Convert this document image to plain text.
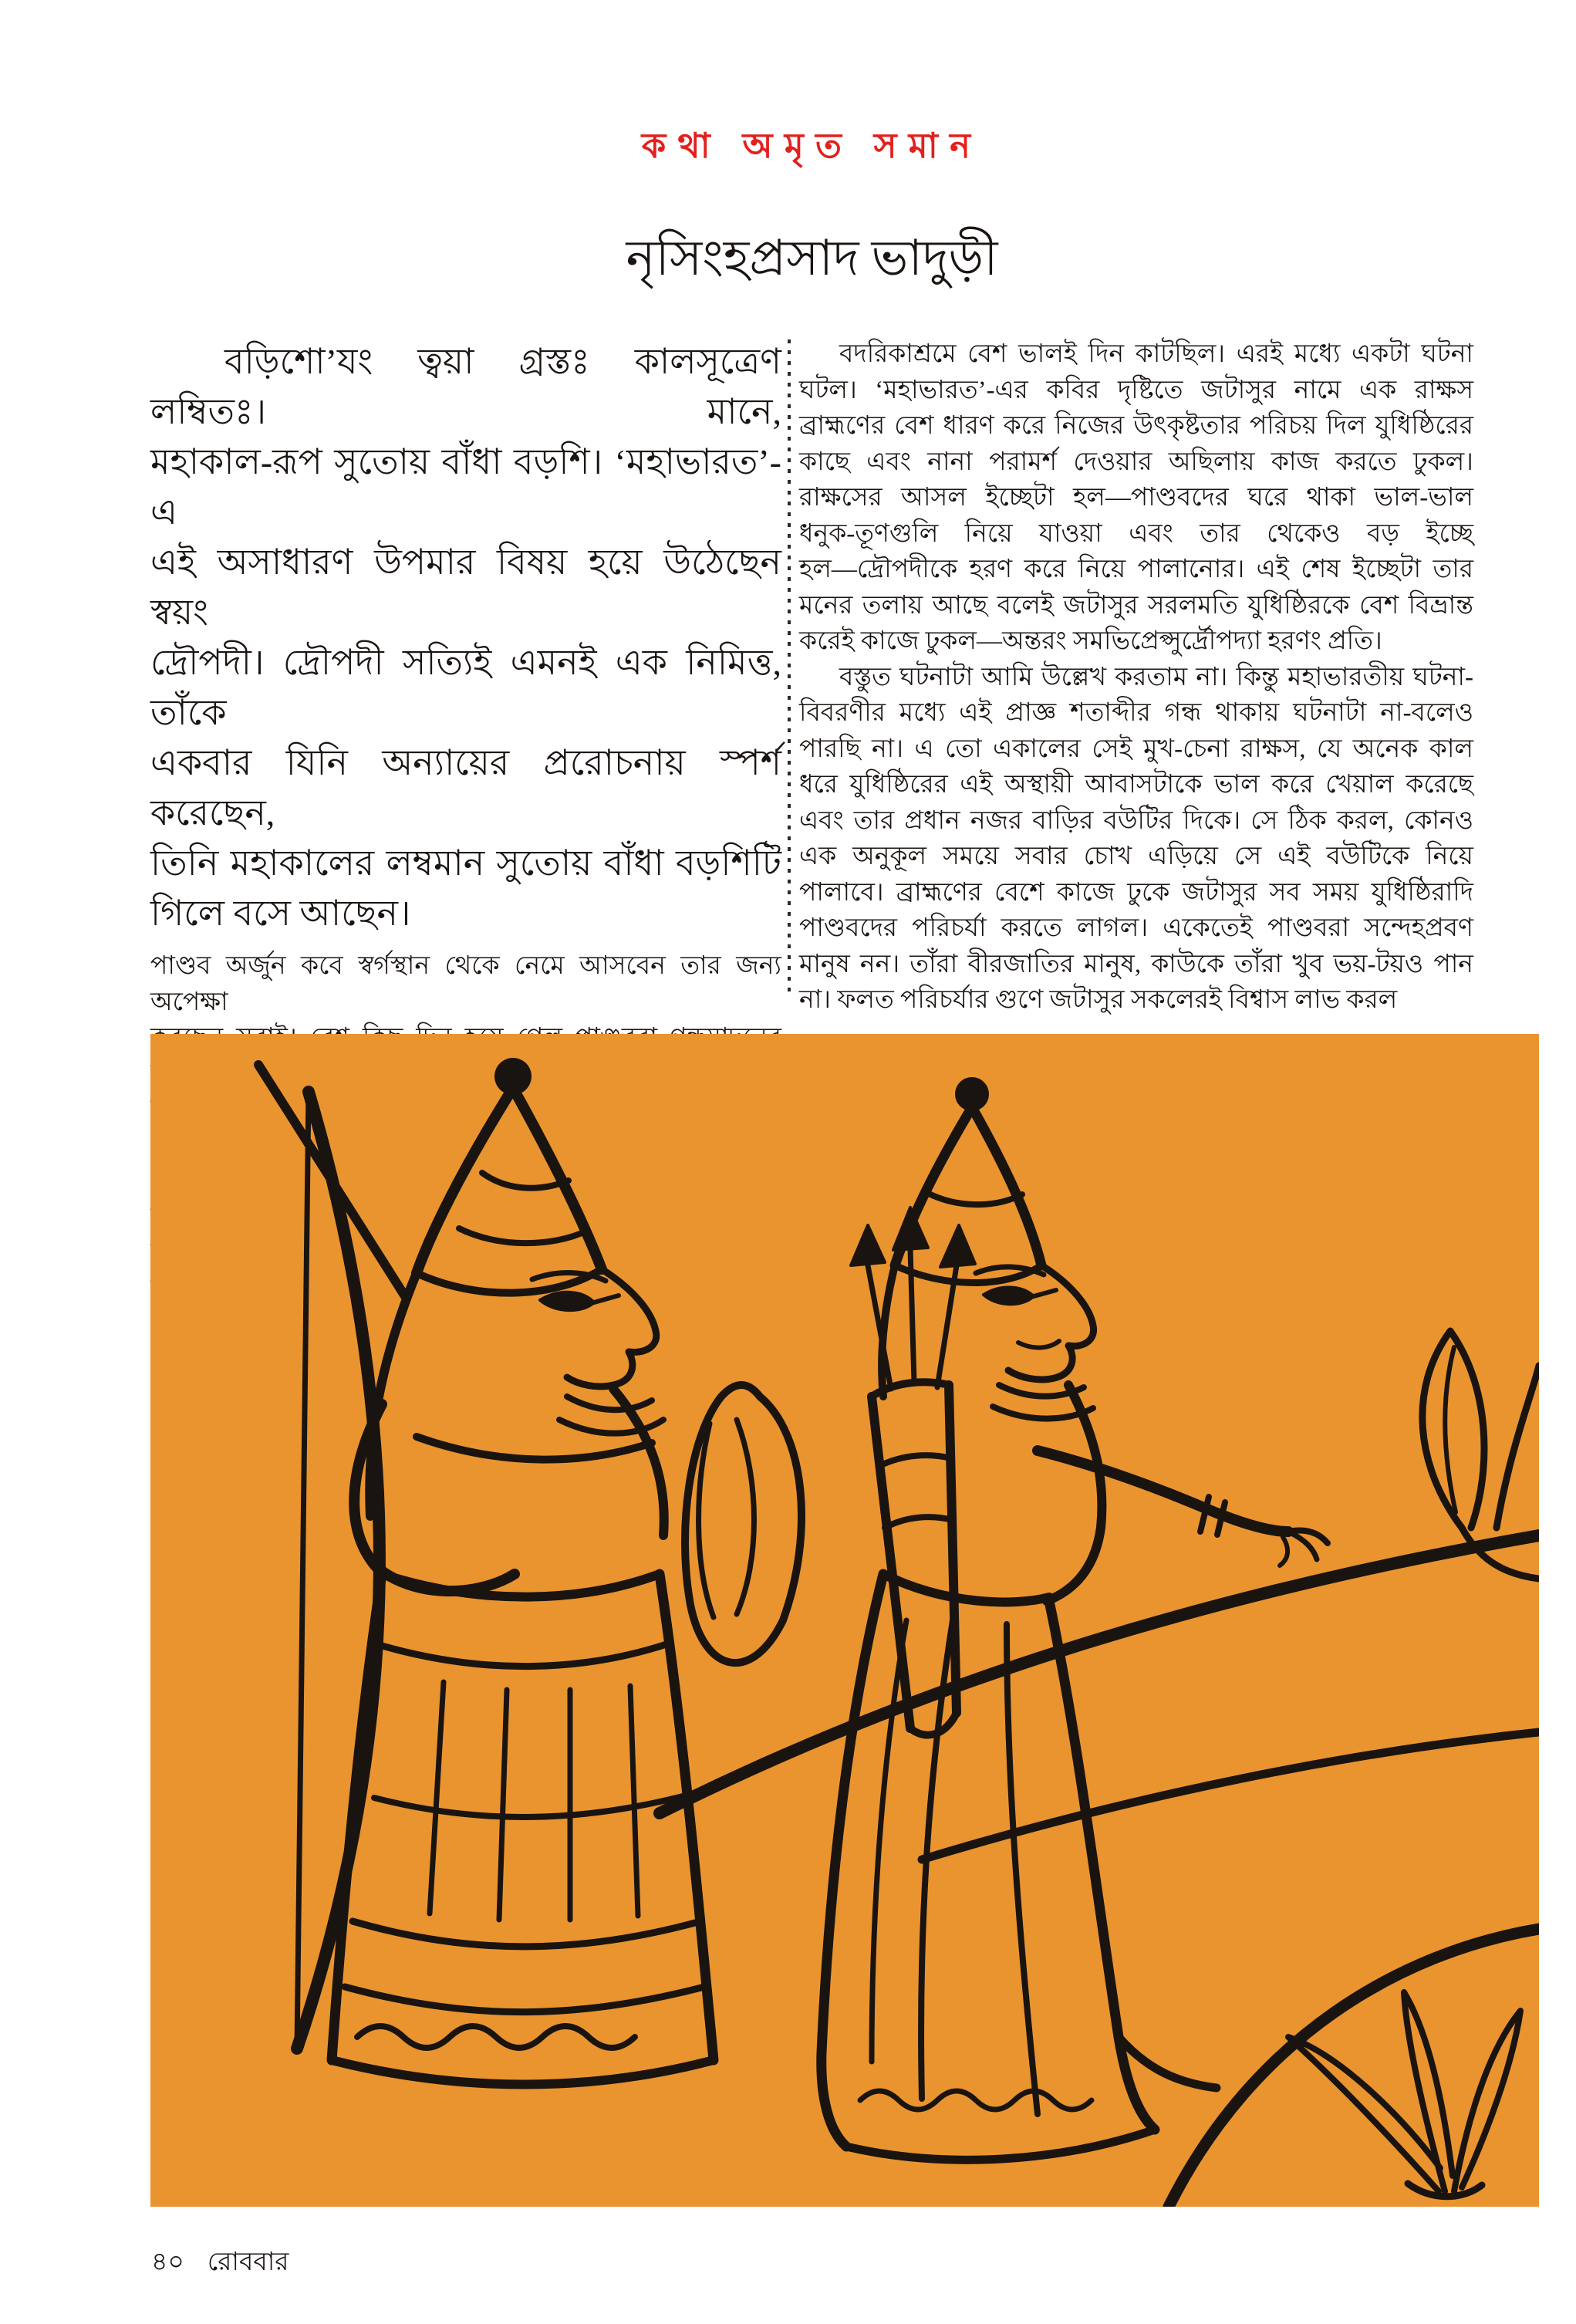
কথা অমৃত সমান
নৃসিংহপ্রসাদ ভাদুড়ী
বড়িশো’যং ত্বয়া গ্রস্তঃ কালসূত্রেণ লম্বিতঃ। মানে,
মহাকাল-রূপ সুতোয় বাঁধা বড়শি। ‘মহাভারত’-এ
এই অসাধারণ উপমার বিষয় হয়ে উঠেছেন স্বয়ং
দ্রৌপদী। দ্রৌপদী সত্যিই এমনই এক নিমিত্ত, তাঁকে
একবার যিনি অন্যায়ের প্ররোচনায় স্পর্শ করেছেন,
তিনি মহাকালের লম্বমান সুতোয় বাঁধা বড়শিটি
গিলে বসে আছেন।
পাণ্ডব অর্জুন কবে স্বর্গস্থান থেকে নেমে আসবেন তার জন্য অপেক্ষা
বদরিকাশ্রমে বেশ ভালই দিন কাটছিল। এরই মধ্যে একটা ঘটনা
ঘটল। ‘মহাভারত’-এর কবির দৃষ্টিতে জটাসুর নামে এক রাক্ষস
ব্রাহ্মণের বেশ ধারণ করে নিজের উৎকৃষ্টতার পরিচয় দিল যুধিষ্ঠিরের
কাছে এবং নানা পরামর্শ দেওয়ার অছিলায় কাজ করতে ঢুকল।
রাক্ষসের আসল ইচ্ছেটা হল—পাণ্ডবদের ঘরে থাকা ভাল-ভাল
ধনুক-তূণগুলি নিয়ে যাওয়া এবং তার থেকেও বড় ইচ্ছে
হল—দ্রৌপদীকে হরণ করে নিয়ে পালানোর। এই শেষ ইচ্ছেটা তার
মনের তলায় আছে বলেই জটাসুর সরলমতি যুধিষ্ঠিরকে বেশ বিভ্রান্ত
করেই কাজে ঢুকল—অন্তরং সমভিপ্রেপ্সুর্দ্রৌপদ্যা হরণং প্রতি।
বস্তুত ঘটনাটা আমি উল্লেখ করতাম না। কিন্তু মহাভারতীয় ঘটনা-
বিবরণীর মধ্যে এই প্রাজ্ঞ শতাব্দীর গন্ধ থাকায় ঘটনাটা না-বলেও
পারছি না। এ তো একালের সেই মুখ-চেনা রাক্ষস, যে অনেক কাল
ধরে যুধিষ্ঠিরের এই অস্থায়ী আবাসটাকে ভাল করে খেয়াল করেছে
এবং তার প্রধান নজর বাড়ির বউটির দিকে। সে ঠিক করল, কোনও
এক অনুকূল সময়ে সবার চোখ এড়িয়ে সে এই বউটিকে নিয়ে
পালাবে। ব্রাহ্মণের বেশে কাজে ঢুকে জটাসুর সব সময় যুধিষ্ঠিরাদি
পাণ্ডবদের পরিচর্যা করতে লাগল। একেতেই পাণ্ডবরা সন্দেহপ্রবণ
মানুষ নন। তাঁরা বীরজাতির মানুষ, কাউকে তাঁরা খুব ভয়-টয়ও পান
না। ফলত পরিচর্যার গুণে জটাসুর সকলেরই বিশ্বাস লাভ করল
৪০ রোববার
